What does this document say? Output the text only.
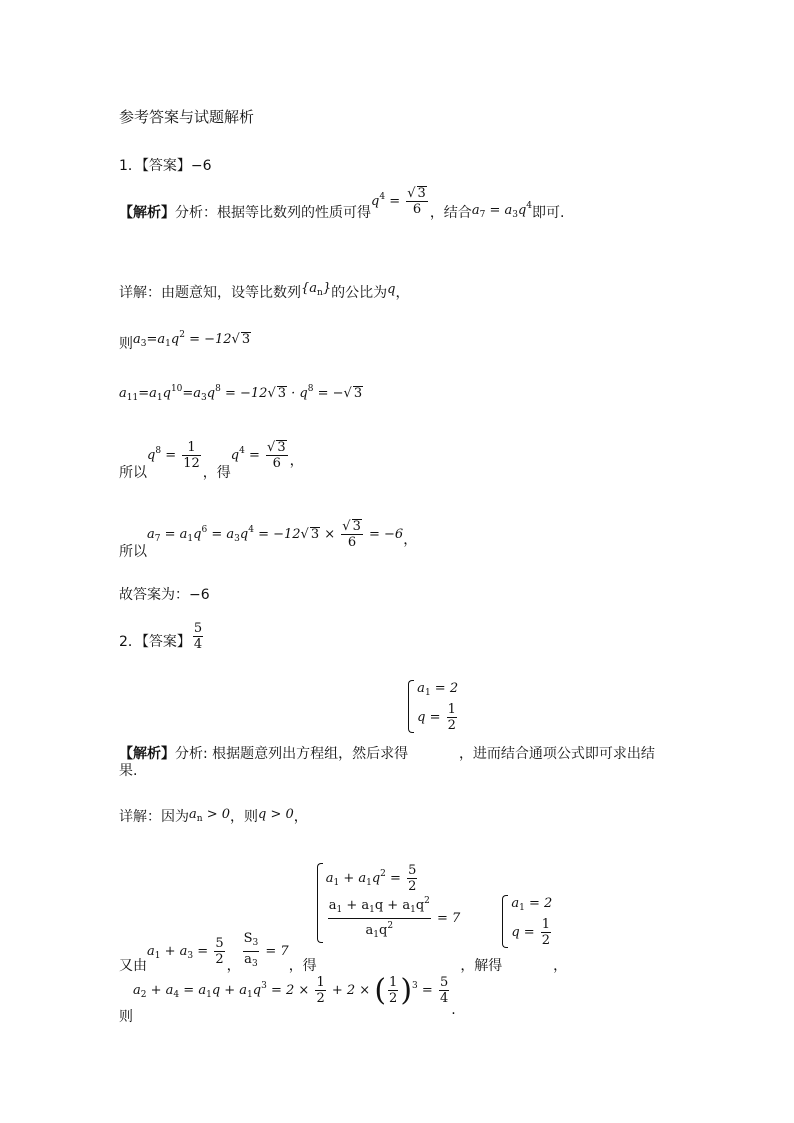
参考答案与试题解析
1．【答案】−6
【解析】分析：根据等比数列的性质可得$q^4 = \frac{√ 3}{6}$ ，结合$a_7 = a_3q^4$即可.
详解：由题意知，设等比数列$\{a_n\}$的公比为q，
则$a_3=a_1q^2 = -12√$ 3
$a_{11}=a_1q^{10}=a_3q^8 = -12√$ $3 \cdot q^8$ = −√ 3
所以$q^8 = \frac{1}{12}$
，得$q^4 = \frac{√ 3}{6}$ ，
所以$a_7 = a_1q^6 = a_3q^4 = -12√$ $3 \times \frac{√ 3}{6} = -6$，
故答案为：−6
2．【答案】 $\frac{5}{4}$
【解析】分析: 根据题意列出方程组，然后求得
$a_1 = 2$
$q = \frac{1}{2}$
，进而结合通项公式即可求出结
果.
详解：因为$a_n > 0$，则q > 0，
又由$a_1 + a_3 = \frac{5}{2}$ ， $\frac{S_3}{a_3} = 7$，得
$a_1 + a_1q^2 = \frac{5}{2}$
$\frac{a_1 + a_1q + a_1q^2}{a_1q^2} = 7$
，解得
$a_1 = 2$
$q = \frac{1}{2}$
，
则$a_2 + a_4 = a_1q + a_1q^3 = 2 \times \frac{1}{2} + 2$ × ( $\frac{1}{2} )^3 = \frac{5}{4}$
.
